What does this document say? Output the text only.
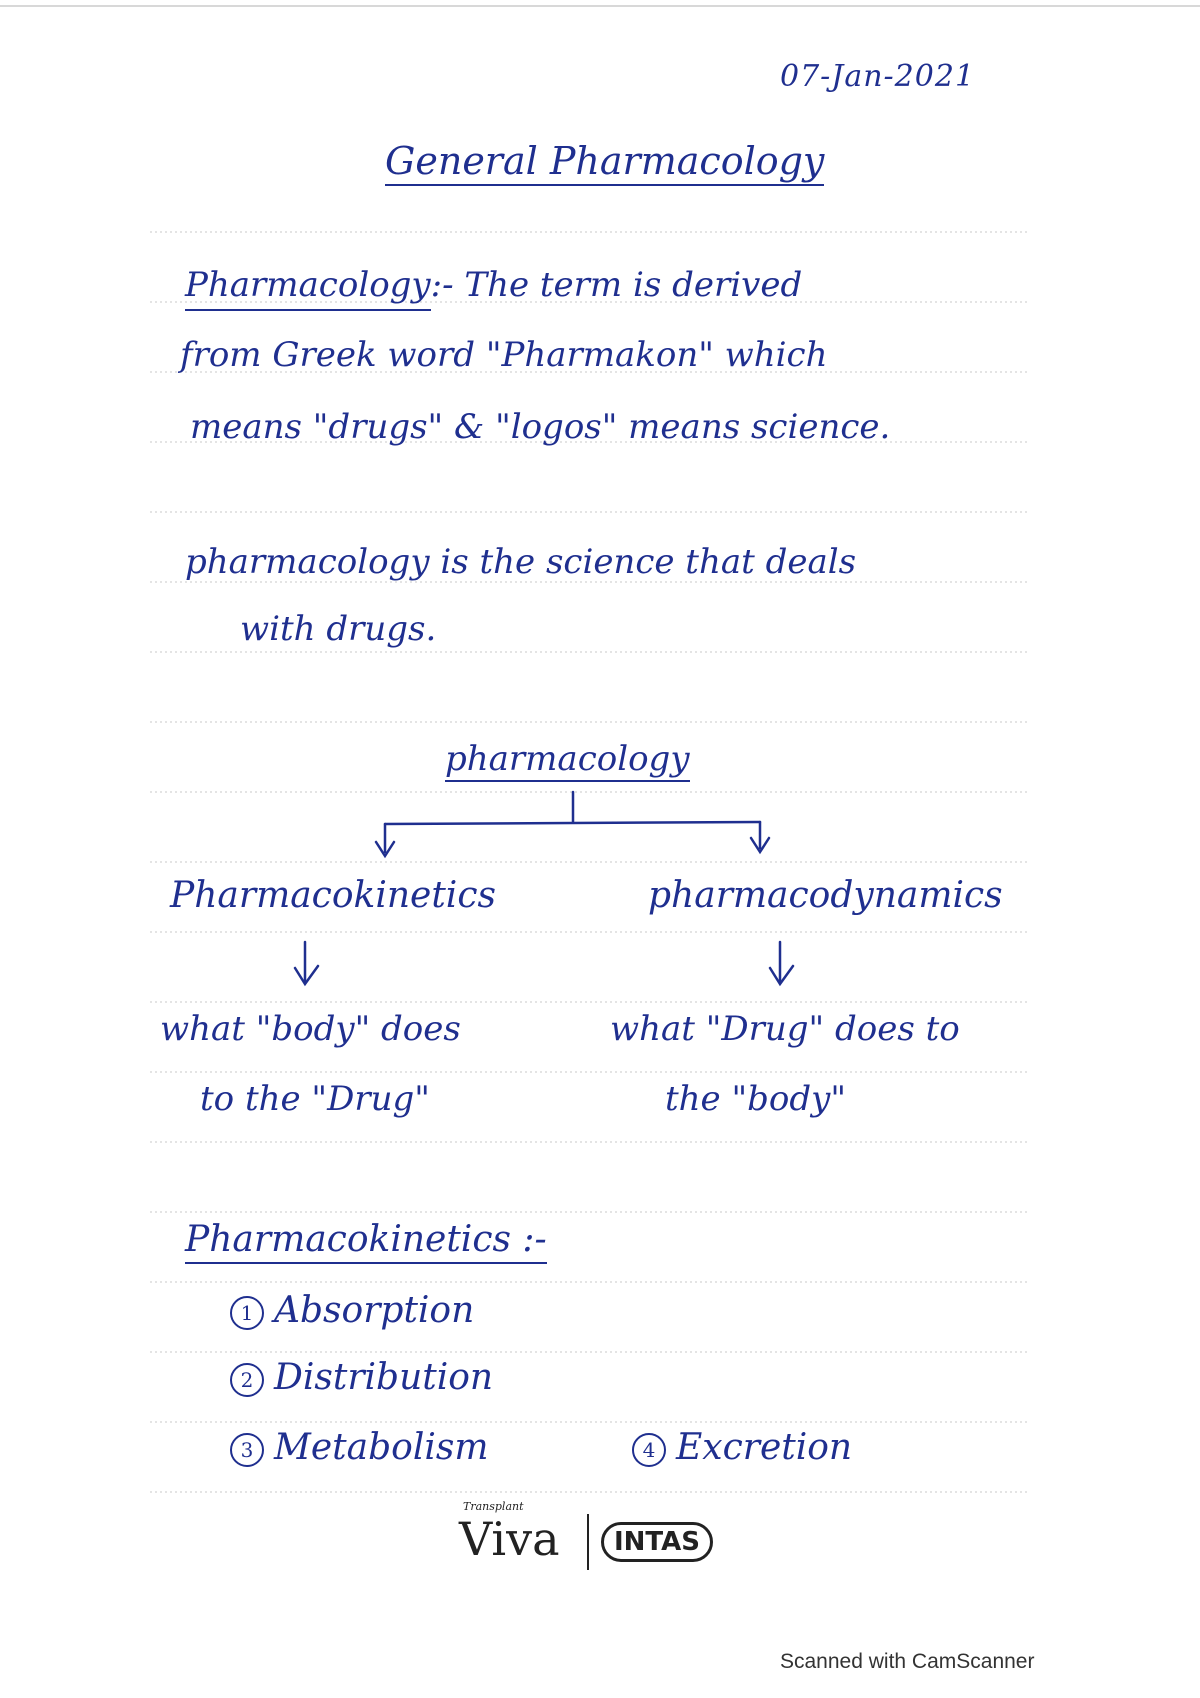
07-Jan-2021
General Pharmacology
Pharmacology:- The term is derived
from Greek word "Pharmakon" which
means "drugs" & "logos" means science.
pharmacology is the science that deals
with drugs.
pharmacology
Pharmacokinetics	pharmacodynamics
what "body" does
to the "Drug"
what "Drug" does to
the "body"
Pharmacokinetics :-
1 Absorption
2 Distribution
3 Metabolism	4 Excretion
Transplant
Viva	INTAS
Scanned with CamScanner
